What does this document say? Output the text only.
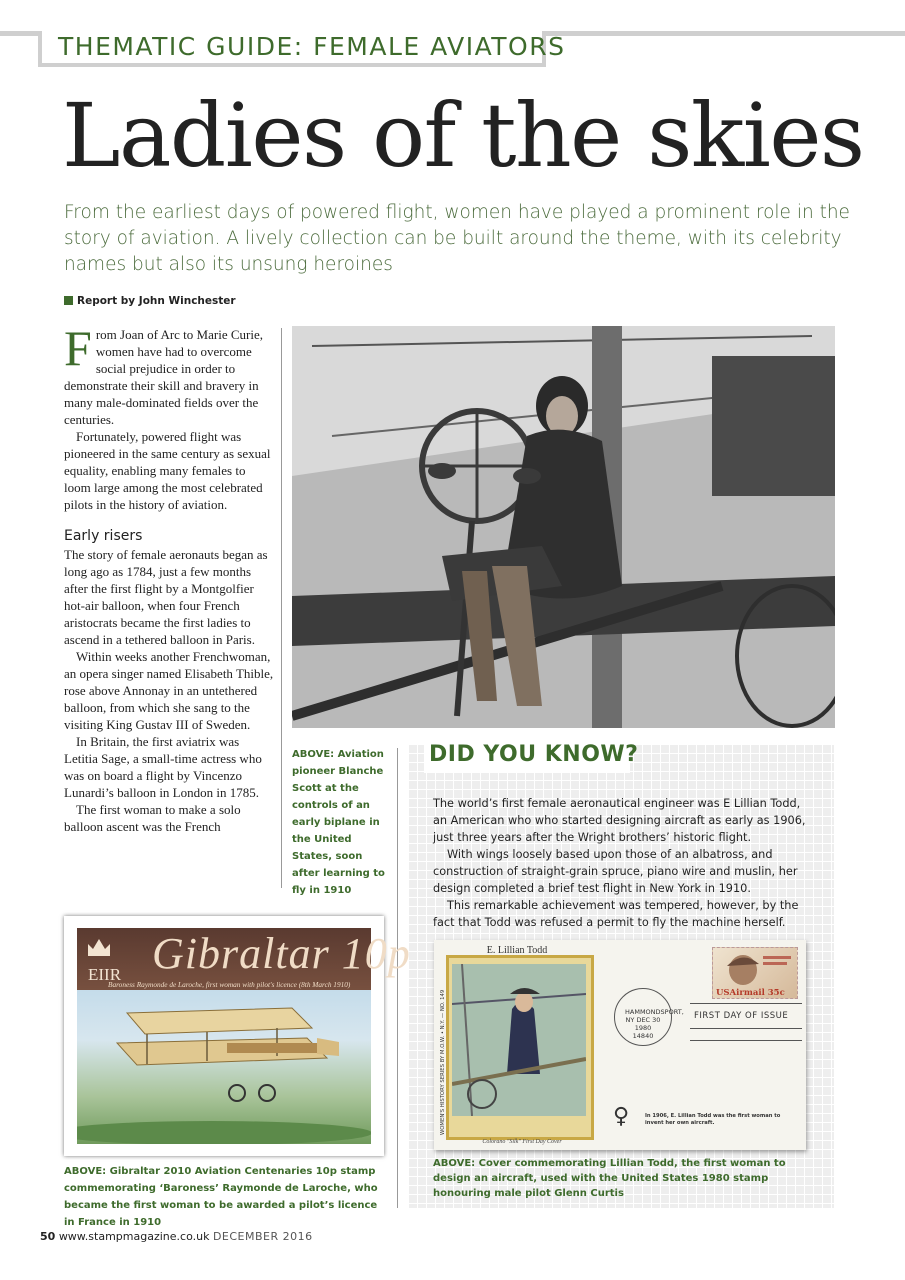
THEMATIC GUIDE: FEMALE AVIATORS
Ladies of the skies
From the earliest days of powered flight, women have played a prominent role in the story of aviation. A lively collection can be built around the theme, with its celebrity names but also its unsung heroines
Report by John Winchester

From Joan of Arc to Marie Curie, women have had to overcome social prejudice in order to demonstrate their skill and bravery in many male-dominated fields over the centuries.

Fortunately, powered flight was pioneered in the same century as sexual equality, enabling many females to loom large among the most celebrated pilots in the history of aviation.

Early risers

The story of female aeronauts began as long ago as 1784, just a few months after the first flight by a Montgolfier hot-air balloon, when four French aristocrats became the first ladies to ascend in a tethered balloon in Paris.

Within weeks another Frenchwoman, an opera singer named Elisabeth Thible, rose above Annonay in an untethered balloon, from which she sang to the visiting King Gustav III of Sweden.

In Britain, the first aviatrix was Letitia Sage, a small-time actress who was on board a flight by Vincenzo Lunardi’s balloon in London in 1785.

The first woman to make a solo balloon ascent was the French

ABOVE: Aviation pioneer Blanche Scott at the controls of an early biplane in the United States, soon after learning to fly in 1910
DID YOU KNOW?

The world’s first female aeronautical engineer was E Lillian Todd, an American who who started designing aircraft as early as 1906, just three years after the Wright brothers’ historic flight.

With wings loosely based upon those of an albatross, and construction of straight-grain spruce, piano wire and muslin, her design completed a brief test flight in New York in 1910.

This remarkable achievement was tempered, however, by the fact that Todd was refused a permit to fly the machine herself.

E. Lillian Todd
WOMEN'S HISTORY SERIES BY M.O.W. • N.Y. — NO. 149
Colorano "Silk" First Day Cover
USAirmail 35c
HAMMONDSPORT, NY DEC 30 1980 14840
FIRST DAY OF ISSUE
♀	In 1906, E. Lillian Todd was the first woman to invent her own aircraft.
ABOVE: Cover commemorating Lillian Todd, the first woman to design an aircraft, used with the United States 1980 stamp honouring male pilot Glenn Curtis
Gibraltar 10p
EIIR
Baroness Raymonde de Laroche, first woman with pilot's licence (8th March 1910)
ABOVE: Gibraltar 2010 Aviation Centenaries 10p stamp commemorating ‘Baroness’ Raymonde de Laroche, who became the first woman to be awarded a pilot’s licence in France in 1910
50 www.stampmagazine.co.uk DECEMBER 2016
